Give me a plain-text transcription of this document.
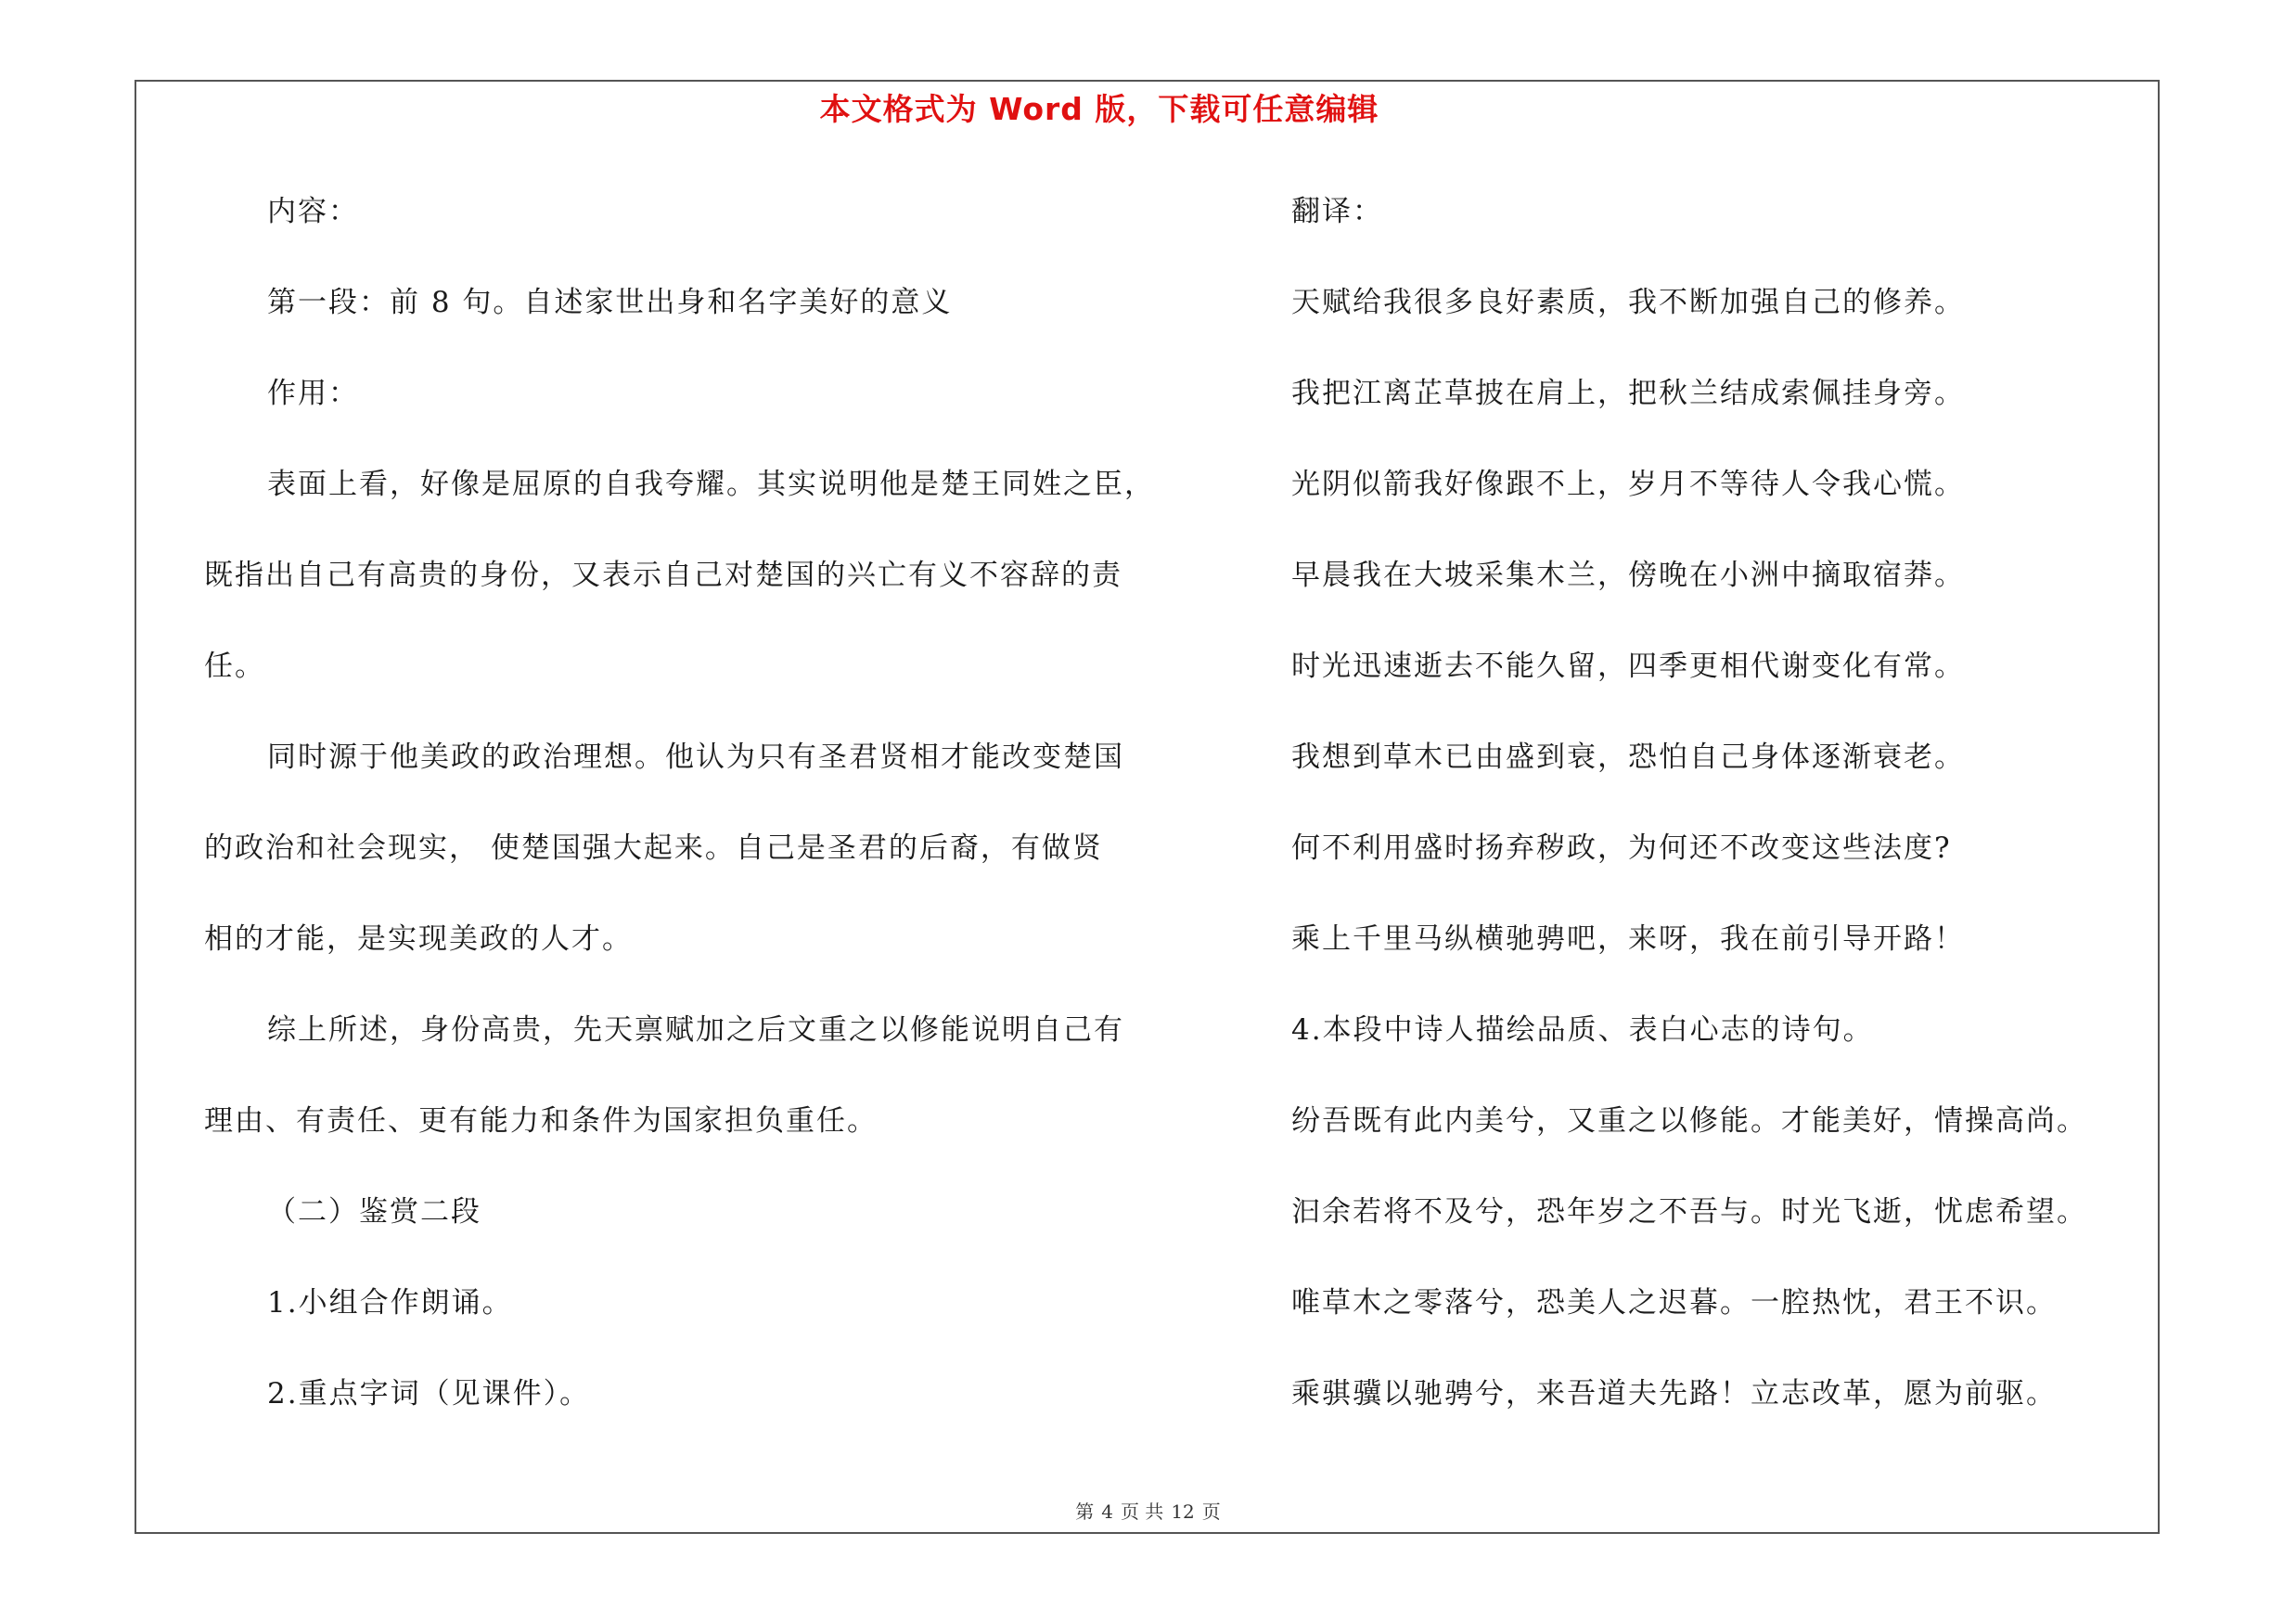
本文格式为 Word 版，下载可任意编辑
内容：
第一段：前 8 句。自述家世出身和名字美好的意义
作用：
表面上看，好像是屈原的自我夸耀。其实说明他是楚王同姓之臣，
既指出自己有高贵的身份，又表示自己对楚国的兴亡有义不容辞的责
任。
同时源于他美政的政治理想。他认为只有圣君贤相才能改变楚国
的政治和社会现实， 使楚国强大起来。自己是圣君的后裔，有做贤
相的才能，是实现美政的人才。
综上所述，身份高贵，先天禀赋加之后文重之以修能说明自己有
理由、有责任、更有能力和条件为国家担负重任。
（二）鉴赏二段
1.小组合作朗诵。
2.重点字词（见课件）。
翻译：
天赋给我很多良好素质，我不断加强自己的修养。
我把江离芷草披在肩上，把秋兰结成索佩挂身旁。
光阴似箭我好像跟不上，岁月不等待人令我心慌。
早晨我在大坡采集木兰，傍晚在小洲中摘取宿莽。
时光迅速逝去不能久留，四季更相代谢变化有常。
我想到草木已由盛到衰，恐怕自己身体逐渐衰老。
何不利用盛时扬弃秽政，为何还不改变这些法度?
乘上千里马纵横驰骋吧，来呀，我在前引导开路！
4.本段中诗人描绘品质、表白心志的诗句。
纷吾既有此内美兮，又重之以修能。才能美好，情操高尚。
汩余若将不及兮，恐年岁之不吾与。时光飞逝，忧虑希望。
唯草木之零落兮，恐美人之迟暮。一腔热忱，君王不识。
乘骐骥以驰骋兮，来吾道夫先路！立志改革，愿为前驱。
第 4 页 共 12 页
